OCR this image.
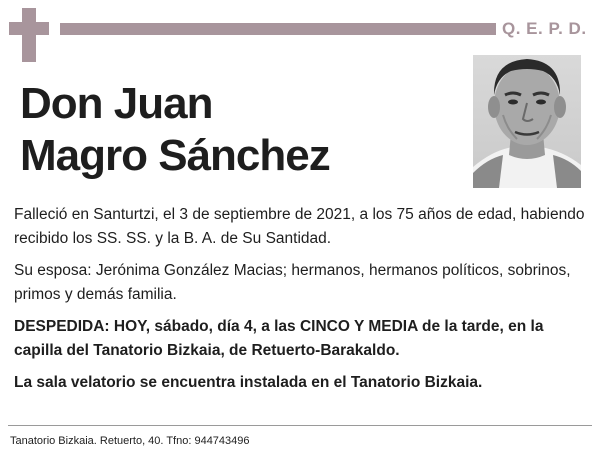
Q. E. P. D.
Don Juan
Magro Sánchez

Falleció en Santurtzi, el 3 de septiembre de 2021, a los 75 años de edad, habiendo recibido los SS. SS. y la B. A. de Su Santidad.

Su esposa: Jerónima González Macias; hermanos, hermanos políticos, sobrinos, primos y demás familia.

DESPEDIDA: HOY, sábado, día 4, a las CINCO Y MEDIA de la tarde, en la capilla del Tanatorio Bizkaia, de Retuerto-Barakaldo.

La sala velatorio se encuentra instalada en el Tanatorio Bizkaia.

Tanatorio Bizkaia. Retuerto, 40. Tfno: 944743496
